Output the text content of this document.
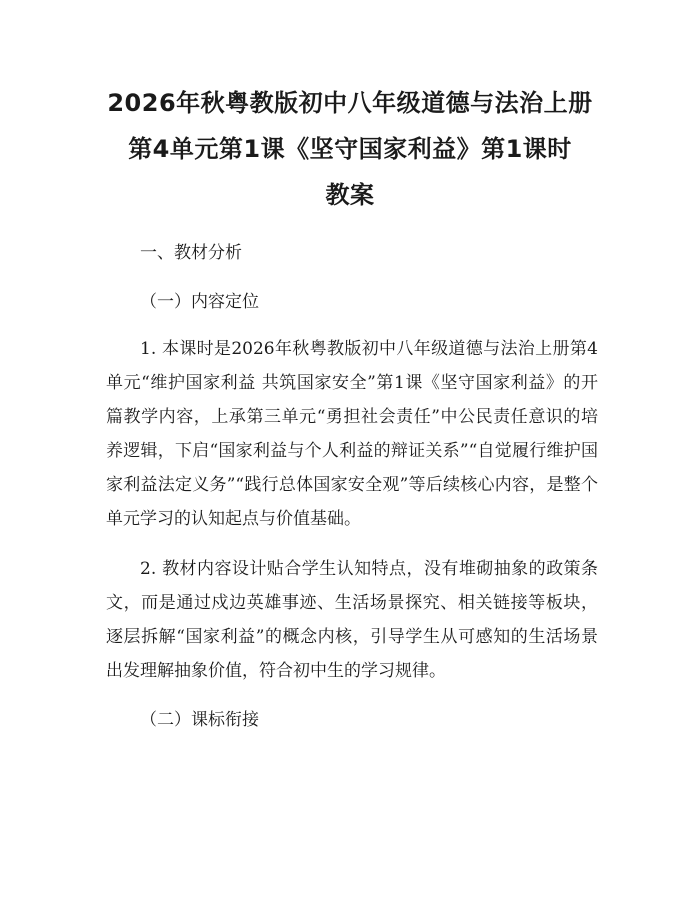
2026年秋粤教版初中八年级道德与法治上册

第4单元第1课《坚守国家利益》第1课时

教案

一、教材分析

（一）内容定位

1. 本课时是2026年秋粤教版初中八年级道德与法治上册第4单元“维护国家利益 共筑国家安全”第1课《坚守国家利益》的开篇教学内容，上承第三单元“勇担社会责任”中公民责任意识的培养逻辑，下启“国家利益与个人利益的辩证关系”“自觉履行维护国家利益法定义务”“践行总体国家安全观”等后续核心内容，是整个单元学习的认知起点与价值基础。

2. 教材内容设计贴合学生认知特点，没有堆砌抽象的政策条文，而是通过戍边英雄事迹、生活场景探究、相关链接等板块，逐层拆解“国家利益”的概念内核，引导学生从可感知的生活场景出发理解抽象价值，符合初中生的学习规律。

（二）课标衔接
